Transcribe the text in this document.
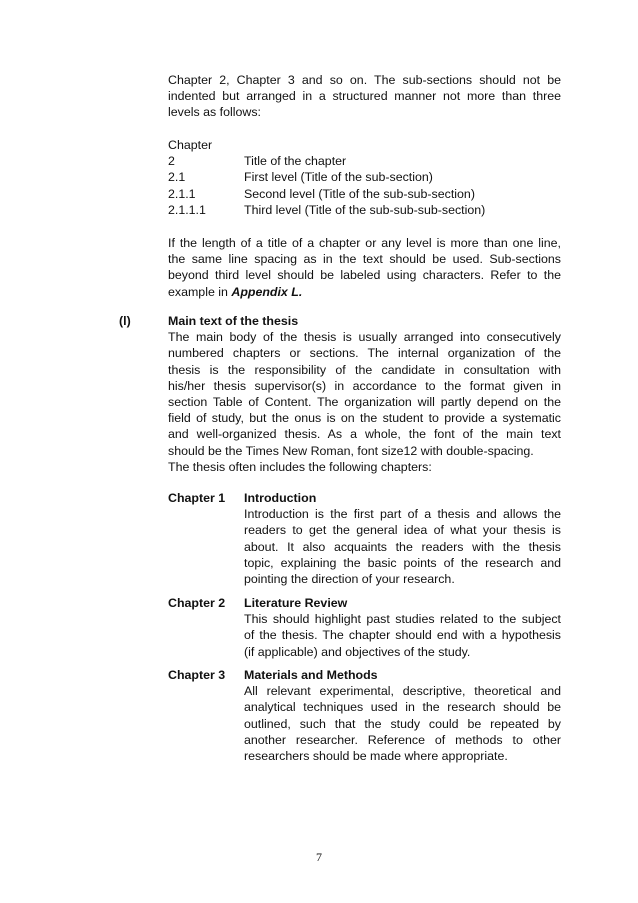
Chapter 2, Chapter 3 and so on. The sub-sections should not be
indented but arranged in a structured manner not more than three
levels as follows:
Chapter
2	Title of the chapter
2.1	First level (Title of the sub-section)
2.1.1	Second level (Title of the sub-sub-section)
2.1.1.1	Third level (Title of the sub-sub-sub-section)
If the length of a title of a chapter or any level is more than one line,
the same line spacing as in the text should be used. Sub-sections
beyond third level should be labeled using characters. Refer to the
example in Appendix L.
(l)	Main text of the thesis
The main body of the thesis is usually arranged into consecutively
numbered chapters or sections. The internal organization of the
thesis is the responsibility of the candidate in consultation with
his/her thesis supervisor(s) in accordance to the format given in
section Table of Content. The organization will partly depend on the
field of study, but the onus is on the student to provide a systematic
and well-organized thesis. As a whole, the font of the main text
should be the Times New Roman, font size12 with double-spacing.
The thesis often includes the following chapters:
Chapter 1 Introduction
Introduction is the first part of a thesis and allows the
readers to get the general idea of what your thesis is
about. It also acquaints the readers with the thesis
topic, explaining the basic points of the research and
pointing the direction of your research.
Chapter 2 Literature Review
This should highlight past studies related to the subject
of the thesis. The chapter should end with a hypothesis
(if applicable) and objectives of the study.
Chapter 3 Materials and Methods
All relevant experimental, descriptive, theoretical and
analytical techniques used in the research should be
outlined, such that the study could be repeated by
another researcher. Reference of methods to other
researchers should be made where appropriate.
7
